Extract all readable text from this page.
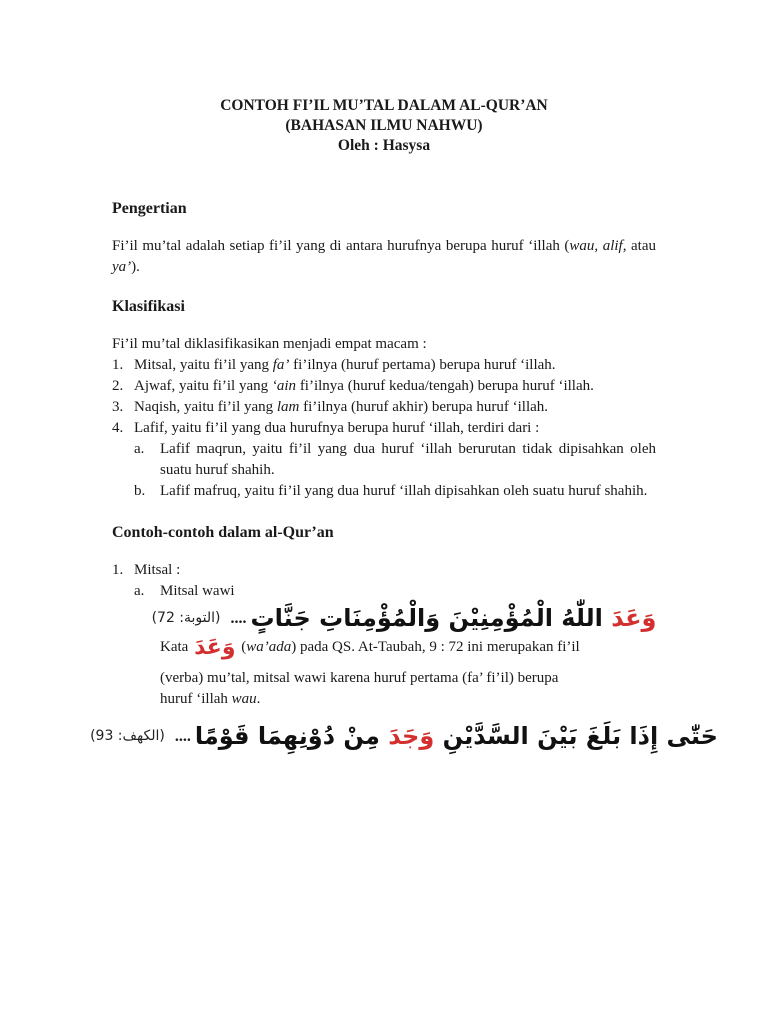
CONTOH FI’IL MU’TAL DALAM AL-QUR’AN
(BAHASAN ILMU NAHWU)
Oleh : Hasysa
Pengertian

Fi’il mu’tal adalah setiap fi’il yang di antara hurufnya berupa huruf ‘illah (wau, alif, atau ya’).

Klasifikasi

Fi’il mu’tal diklasifikasikan menjadi empat macam :

1. Mitsal, yaitu fi’il yang fa’ fi’ilnya (huruf pertama) berupa huruf ‘illah.
2. Ajwaf, yaitu fi’il yang ‘ain fi’ilnya (huruf kedua/tengah) berupa huruf ‘illah.
3. Naqish, yaitu fi’il yang lam fi’ilnya (huruf akhir) berupa huruf ‘illah.
4. Lafif, yaitu fi’il yang dua hurufnya berupa huruf ‘illah, terdiri dari :
a. Lafif maqrun, yaitu fi’il yang dua huruf ‘illah berurutan tidak dipisahkan oleh suatu huruf shahih.
b. Lafif mafruq, yaitu fi’il yang dua huruf ‘illah dipisahkan oleh suatu huruf shahih.
Contoh-contoh dalam al-Qur’an
1. Mitsal :
a. Mitsal wawi
(التوبة: 72) ....	وَعَدَ اللّٰهُ الْمُؤْمِنِيْنَ وَالْمُؤْمِنَاتِ جَنَّاتٍ
Kata وَعَدَ ( wa’ada ) pada QS. At-Taubah, 9 : 72 ini merupakan fi’il

(verba) mu’tal, mitsal wawi karena huruf pertama (fa’ fi’il) berupa

huruf ‘illah wau.

(الكهف: 93) ....	حَتّٰى إِذَا بَلَغَ بَيْنَ السَّدَّيْنِ وَجَدَ مِنْ دُوْنِهِمَا قَوْمًا
